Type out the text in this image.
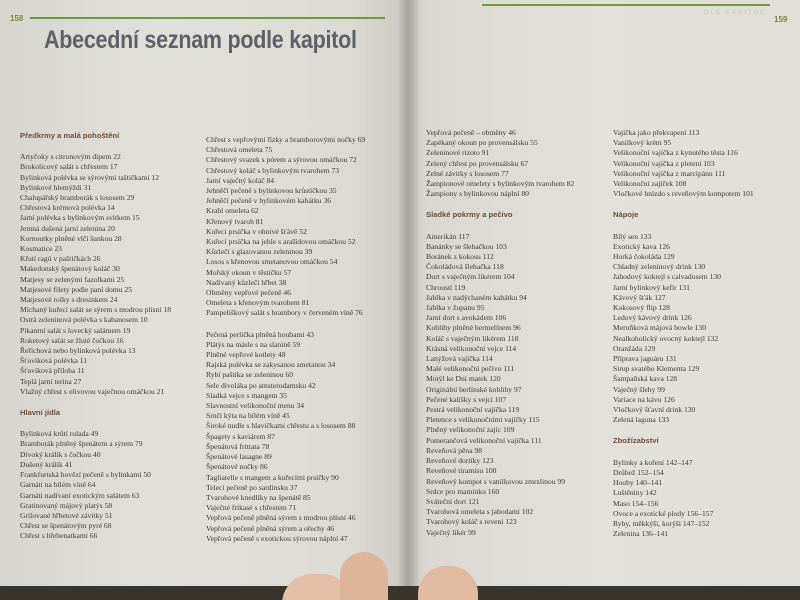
158
Abecední seznam podle kapitol
Předkrmy a malá pohoštění
Artyčoky s citronovým dipem 22
Brokolicový salát s chřestem 17
Bylinková polévka se sýrovými taštičkami 12
Bylinkové hlemýždi 31
Chalupářský bramborák s lososem 29
Chřestová krémová polévka 14
Jarní polévka s bylinkovým svitkem 15
Jemná dušená jarní zelenina 20
Kornoutky plněné vlčí šunkou 28
Kosmatice 23
Křutí ragú v paštičkách 26
Makedonský špenátový koláč 30
Matjesy se zelenými fazolkami 25
Matjesové filety podle paní domu 25
Matjesové rolky s dresinkem 24
Míchaný kuřecí salát se sýrem s modrou plísní 18
Ostrá zeleninová polévka s kabanosem 10
Pikantní salát s lovecký salámem 19
Roketový salát se žluté čočkou 16
Řeřichová nebo bylinková polévka 13
Šťovíková polévka 11
Šťovíková příloha 11
Teplá jarní terina 27
Vlažný chřest s olivovou vaječnou omáčkou 21
Hlavní jídla
Bylinková krůtí rulada 49
Bramborák plněný špenátem a sýrem 79
Divoký králík s čočkou 40
Dušený králík 41
Frankfurtská hovězí pečeně s bylinkami 50
Garnáti na bílém víně 64
Garnáti nadívaní exotickým salátem 63
Gratinovaný májový platýs 58
Grilované hřbetové závitky 51
Chřest se špenátovým pyré 68
Chřest s hřebenatkami 66
Chřest s vepřovými řízky a bramborovými nočky 69
Chřestová omeleta 75
Chřestový svazek s pórem a sýrovou omáčkou 72
Chřestový koláč s bylinkovým tvarohem 73
Jarní vaječný koláč 84
Jehněčí pečeně s bylinkovou krůstičkou 35
Jehněčí pečeně v bylinkovém kabátku 36
Krabí omeleta 62
Křenový tvaroh 81
Kuřecí prsíčka v ohnivé šťávě 52
Kuřecí prsíčka na jehle s arašídovou omáčkou 52
Kůzlečí s glazovanou zeleninou 39
Losos s křenovou smetanovou omáčkou 54
Mořský okoun v těstíčku 57
Nadívaný kůzlečí hřbet 38
Obměny vepřové pečeně 46
Omeleta s křenovým tvarohem 81
Pampeliškový salát s brambory v červeném víně 76
Pečená perlička plněná houbami 43
Plátýs na másle s na slanině 59
Plněné vepřové kotlety 48
Rajská polévka se zakysanou smetanou 34
Rybí paštika se zeleninou 60
Sele divoláka po amsterodamsku 42
Sladká vejce s mangem 35
Slavnostní velikonoční menu 34
Srnčí kýta na bílém víně 45
Široké nudle s hlavičkami chřestu a s lososem 88
Špagety s kaviárem 87
Špenátová frittata 78
Špenátové lasagne 89
Špenátové nočky 86
Tagliatelle s mangem a kuřecími prsíčky 90
Telecí pečeně po sardinsku 37
Tvarohové knedlíky na špenátě 85
Vaječné frikasé s chřestem 71
Vepřová pečeně plněná sýrem s modrou plísní 46
Vepřová pečeně plněná sýrem a ořechy 46
Vepřová pečeně s exotickou sýrovou náplní 47
DLE KAPITOL
159
Vepřová pečeně – obměny 46
Zapékaný okoun po provensálsku 55
Zeleninové rizoto 91
Zelený chřest po provensálsku 67
Zelné závitky s lososem 77
Žampionové omelety s bylinkovým tvarohem 82
Žampiony s bylinkovou náplní 80
Sladké pokrmy a pečivo
Amerikán 117
Banánky se šlehačkou 103
Boránek z kokosu 112
Čokoládová šlehačka 118
Dort s vaječným likérem 104
Chroustí 119
Jablka v nadýchaném kabátku 94
Jablka v županu 95
Jarní dort s avokádem 106
Koblihy plněné hermelínem 96
Koláč s vaječným likérem 118
Krásná velikonoční vejce 114
Lanýžová vajíčka 114
Malé velikonoční pečivo 111
Motýl ke Dni matek 120
Originální berlínské koblihy 97
Pečené kalíšky s vejci 107
Pestrá velikonoční vajíčka 119
Pletence s velikonočními vajíčky 115
Plněný velikonoční zajíc 109
Pomerančová velikonoční vajíčka 111
Reveňová pěna 98
Reveňové dortíky 123
Reveňové tiramisu 100
Reveňový kompot s vanilkovou zmrzlinou 99
Srdce pro maminku 160
Sváteční dort 121
Tvarohová omeleta s jahodami 102
Tvarohový koláč s reveni 123
Vaječný likér 99
Vajíčka jako překvapení 113
Vanilkový krém 95
Velikonoční vajíčka z kynutého těsta 116
Velikonoční vajíčka z pletení 103
Velikonoční vajíčka z marcipánu 111
Velikonoční zajíček 108
Vločkové hnízdo s reveňovým kompotem 101
Nápoje
Bílý sen 133
Exotický kava 126
Horká čokoláda 129
Chladný zeleninový drink 130
Jahodový koktejl s calvadosem 130
Jarní bylinkový kefír 131
Kávový šťák 127
Kokosový flip 128
Ledový kávový drink 126
Meruňková májová bowle 130
Nealkoholický ovocný koktejl 132
Oranžáda 129
Příprava jaguáru 131
Sirup svatého Klementa 129
Šampaňská kava 128
Vaječný šlehy 99
Variace na kávu 126
Vločkový šťavní drink 130
Zelená laguna 133
Zbožízabství
Bylinky a koření 142–147
Drůbež 152–154
Houby 140–141
Luštěniny 142
Maso 154–156
Ovoce a exotické plody 156–157
Ryby, měkkýši, korýši 147–152
Zelenina 136–141
